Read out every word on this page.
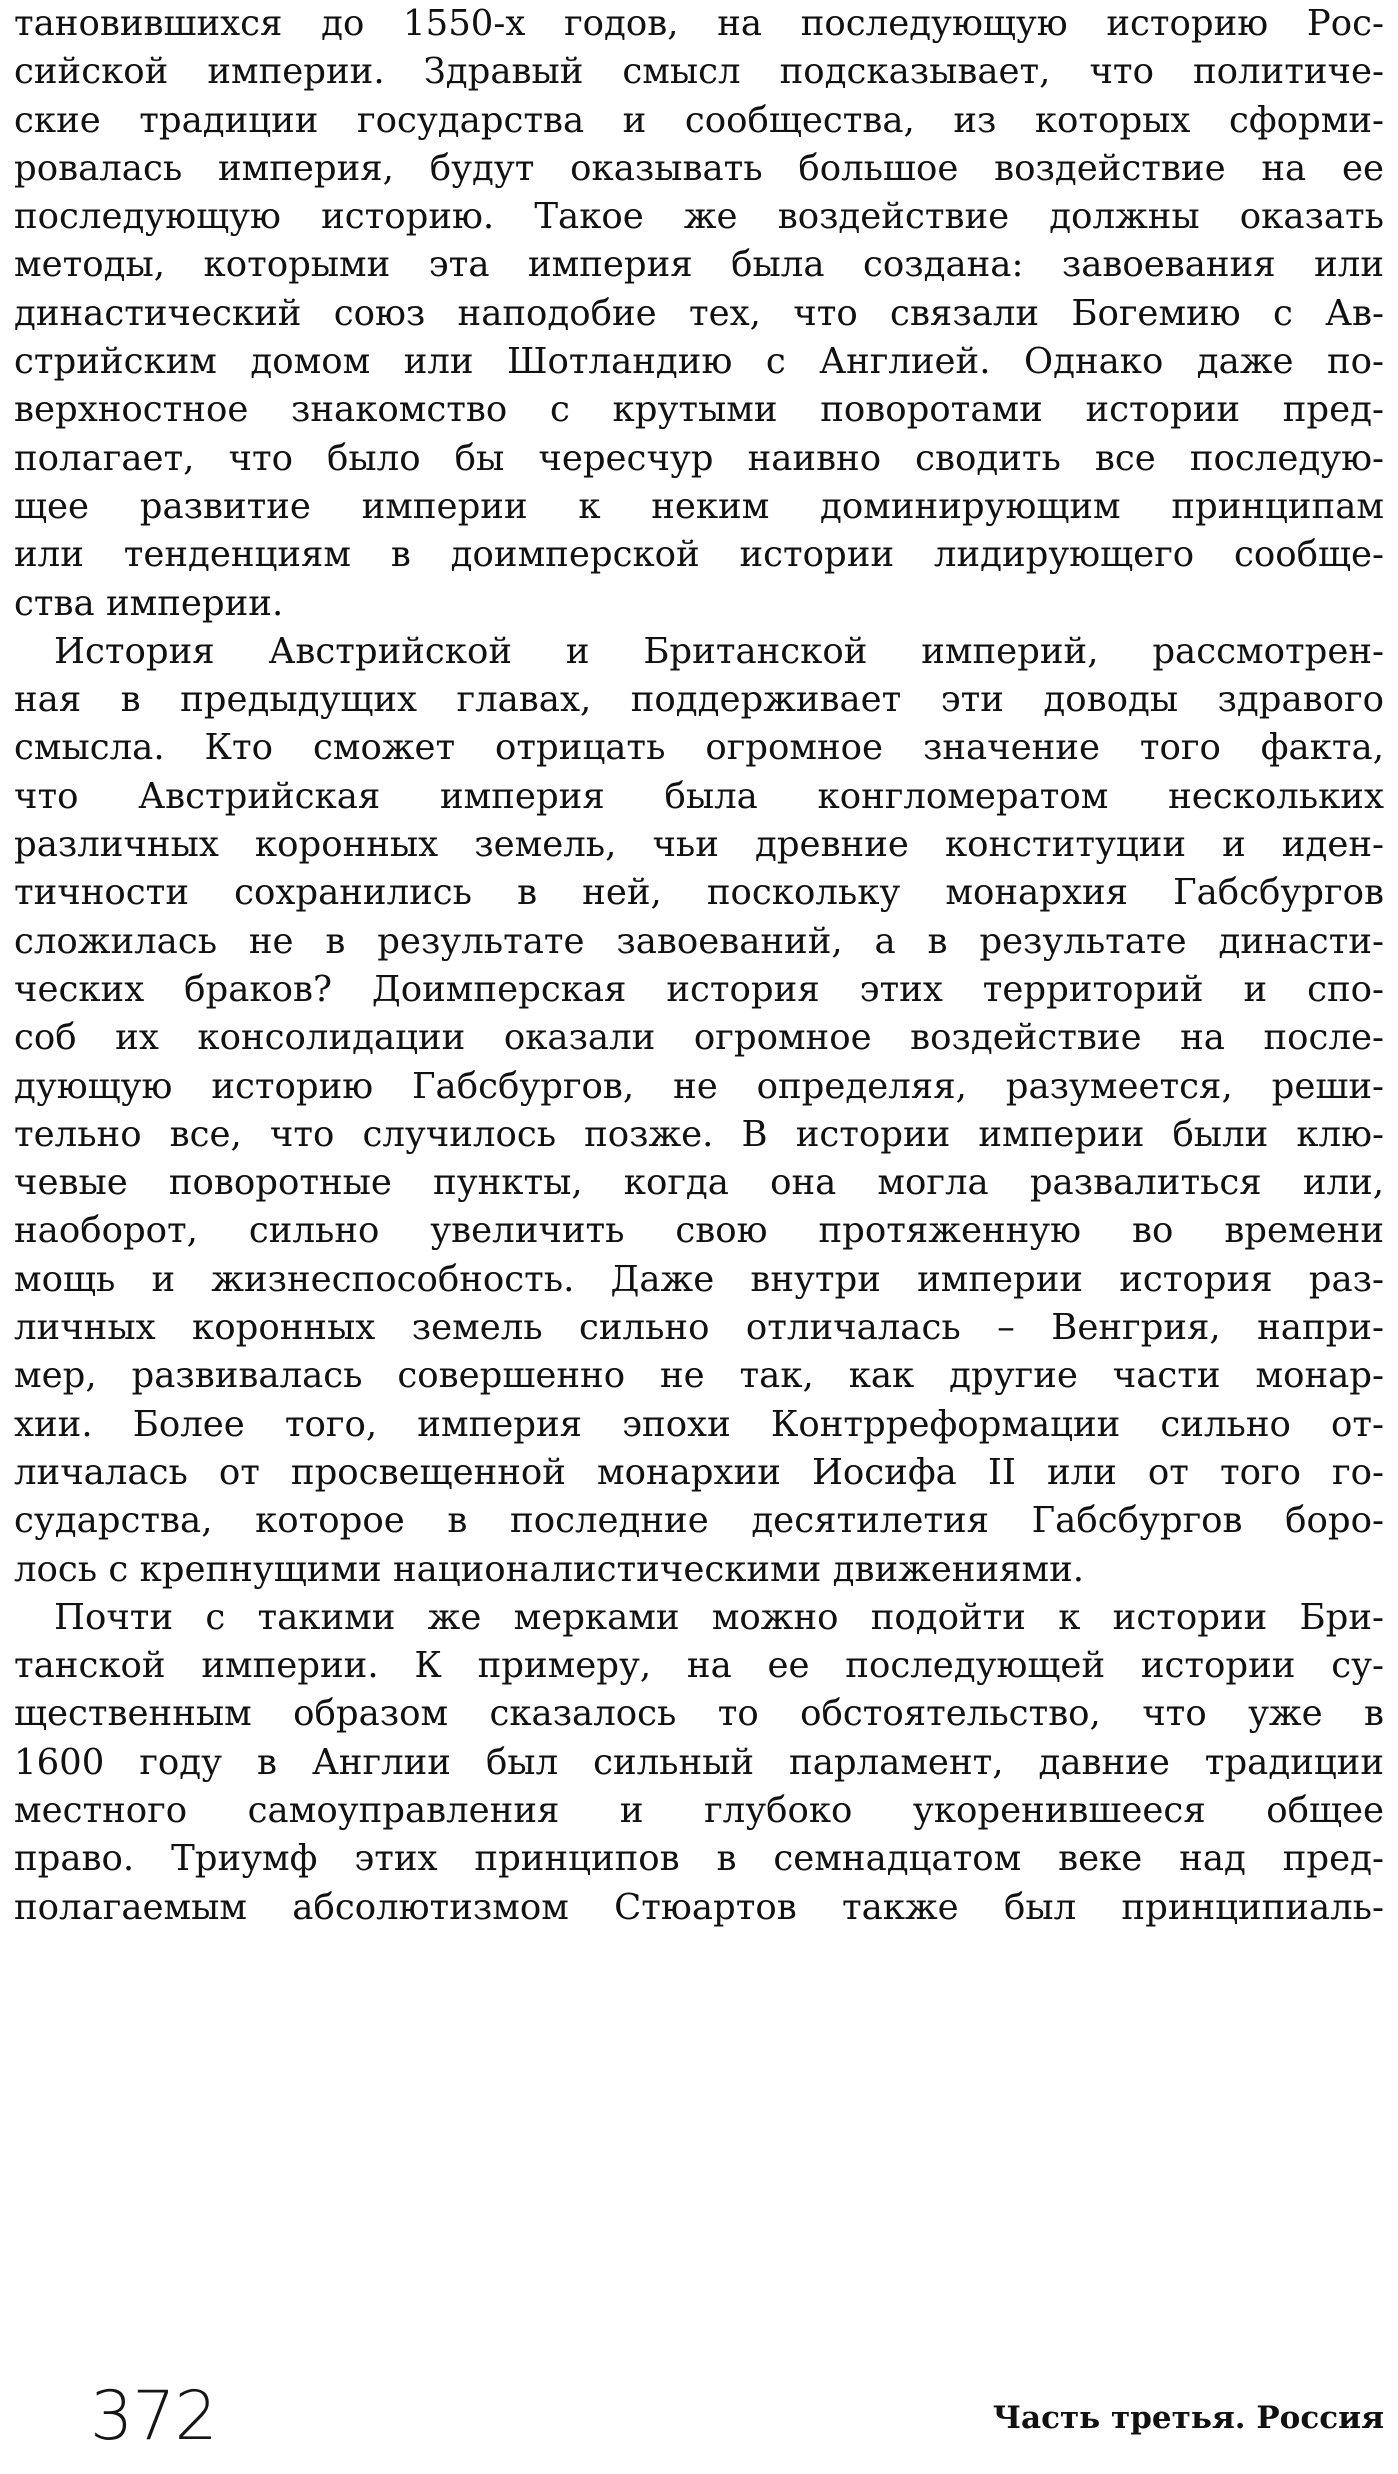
тановившихся до 1550-х годов, на последующую историю Рос-
сийской империи. Здравый смысл подсказывает, что политиче-
ские традиции государства и сообщества, из которых сформи-
ровалась империя, будут оказывать большое воздействие на ее
последующую историю. Такое же воздействие должны оказать
методы, которыми эта империя была создана: завоевания или
династический союз наподобие тех, что связали Богемию с Ав-
стрийским домом или Шотландию с Англией. Однако даже по-
верхностное знакомство с крутыми поворотами истории пред-
полагает, что было бы чересчур наивно сводить все последую-
щее развитие империи к неким доминирующим принципам
или тенденциям в доимперской истории лидирующего сообще-
ства империи.
История Австрийской и Британской империй, рассмотрен-
ная в предыдущих главах, поддерживает эти доводы здравого
смысла. Кто сможет отрицать огромное значение того факта,
что Австрийская империя была конгломератом нескольких
различных коронных земель, чьи древние конституции и иден-
тичности сохранились в ней, поскольку монархия Габсбургов
сложилась не в результате завоеваний, а в результате династи-
ческих браков? Доимперская история этих территорий и спо-
соб их консолидации оказали огромное воздействие на после-
дующую историю Габсбургов, не определяя, разумеется, реши-
тельно все, что случилось позже. В истории империи были клю-
чевые поворотные пункты, когда она могла развалиться или,
наоборот, сильно увеличить свою протяженную во времени
мощь и жизнеспособность. Даже внутри империи история раз-
личных коронных земель сильно отличалась – Венгрия, напри-
мер, развивалась совершенно не так, как другие части монар-
хии. Более того, империя эпохи Контрреформации сильно от-
личалась от просвещенной монархии Иосифа II или от того го-
сударства, которое в последние десятилетия Габсбургов боро-
лось с крепнущими националистическими движениями.
Почти с такими же мерками можно подойти к истории Бри-
танской империи. К примеру, на ее последующей истории су-
щественным образом сказалось то обстоятельство, что уже в
1600 году в Англии был сильный парламент, давние традиции
местного самоуправления и глубоко укоренившееся общее
право. Триумф этих принципов в семнадцатом веке над пред-
полагаемым абсолютизмом Стюартов также был принципиаль-
372	Часть третья. Россия
